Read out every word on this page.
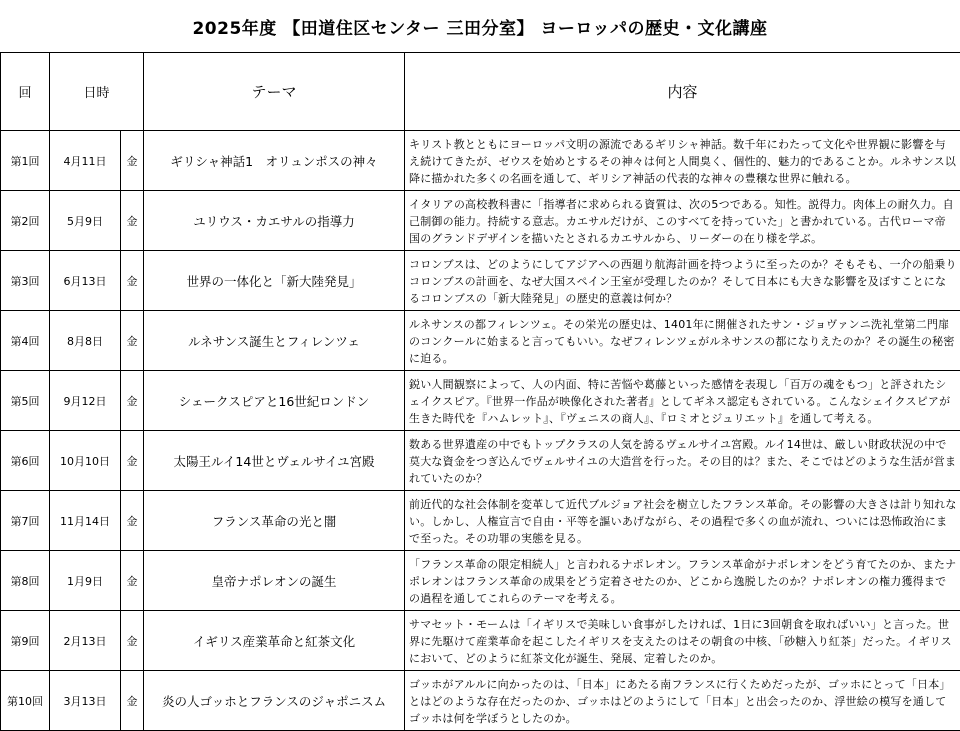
2025年度 【田道住区センター 三田分室】 ヨーロッパの歴史・文化講座
回	日時		テーマ	内容
第1回	4月11日	金	ギリシャ神話1　オリュンポスの神々	キリスト教とともにヨーロッパ文明の源流であるギリシャ神話。数千年にわたって文化や世界観に影響を与え続けてきたが、ゼウスを始めとするその神々は何と人間臭く、個性的、魅力的であることか。ルネサンス以降に描かれた多くの名画を通して、ギリシア神話の代表的な神々の豊穣な世界に触れる。
第2回	5月9日	金	ユリウス・カエサルの指導力	イタリアの高校教科書に「指導者に求められる資質は、次の5つである。知性。説得力。肉体上の耐久力。自己制御の能力。持続する意志。カエサルだけが、このすべてを持っていた」と書かれている。古代ローマ帝国のグランドデザインを描いたとされるカエサルから、リーダーの在り様を学ぶ。
第3回	6月13日	金	世界の一体化と「新大陸発見」	コロンブスは、どのようにしてアジアへの西廻り航海計画を持つように至ったのか？そもそも、一介の船乗りコロンブスの計画を、なぜ大国スペイン王室が受理したのか？そして日本にも大きな影響を及ぼすことになるコロンブスの「新大陸発見」の歴史的意義は何か？
第4回	8月8日	金	ルネサンス誕生とフィレンツェ	ルネサンスの都フィレンツェ。その栄光の歴史は、1401年に開催されたサン・ジョヴァンニ洗礼堂第二門扉のコンクールに始まると言ってもいい。なぜフィレンツェがルネサンスの都になりえたのか？その誕生の秘密に迫る。
第5回	9月12日	金	シェークスピアと16世紀ロンドン	鋭い人間観察によって、人の内面、特に苦悩や葛藤といった感情を表現し「百万の魂をもつ」と評されたシェイクスピア。『世界一作品が映像化された著者』としてギネス認定もされている。こんなシェイクスピアが生きた時代を『ハムレット』、『ヴェニスの商人』、『ロミオとジュリエット』を通して考える。
第6回	10月10日	金	太陽王ルイ14世とヴェルサイユ宮殿	数ある世界遺産の中でもトップクラスの人気を誇るヴェルサイユ宮殿。ルイ14世は、厳しい財政状況の中で莫大な資金をつぎ込んでヴェルサイユの大造営を行った。その目的は？また、そこではどのような生活が営まれていたのか？
第7回	11月14日	金	フランス革命の光と闇	前近代的な社会体制を変革して近代ブルジョア社会を樹立したフランス革命。その影響の大きさは計り知れない。しかし、人権宣言で自由・平等を謳いあげながら、その過程で多くの血が流れ、ついには恐怖政治にまで至った。その功罪の実態を見る。
第8回	1月9日	金	皇帝ナポレオンの誕生	「フランス革命の限定相続人」と言われるナポレオン。フランス革命がナポレオンをどう育てたのか、またナポレオンはフランス革命の成果をどう定着させたのか、どこから逸脱したのか？ナポレオンの権力獲得までの過程を通してこれらのテーマを考える。
第9回	2月13日	金	イギリス産業革命と紅茶文化	サマセット・モームは「イギリスで美味しい食事がしたければ、1日に3回朝食を取ればいい」と言った。世界に先駆けて産業革命を起こしたイギリスを支えたのはその朝食の中核、「砂糖入り紅茶」だった。イギリスにおいて、どのように紅茶文化が誕生、発展、定着したのか。
第10回	3月13日	金	炎の人ゴッホとフランスのジャポニスム	ゴッホがアルルに向かったのは、「日本」にあたる南フランスに行くためだったが、ゴッホにとって「日本」とはどのような存在だったのか、ゴッホはどのようにして「日本」と出会ったのか、浮世絵の模写を通してゴッホは何を学ぼうとしたのか。
